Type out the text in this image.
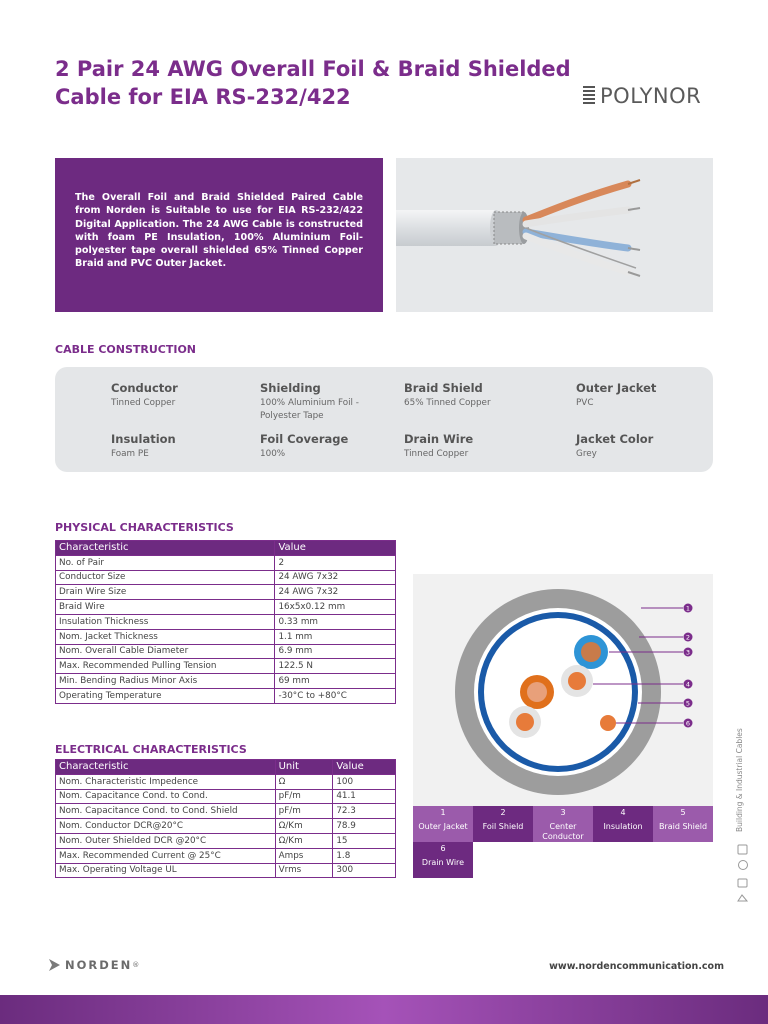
2 Pair 24 AWG Overall Foil & Braid Shielded
Cable for EIA RS-232/422	POLYNOR

The Overall Foil and Braid Shielded Paired Cable from Norden is Suitable to use for EIA RS-232/422 Digital Application. The 24 AWG Cable is constructed with foam PE Insulation, 100% Aluminium Foil- polyester tape overall shielded 65% Tinned Copper Braid and PVC Outer Jacket.

CABLE CONSTRUCTION
Conductor
Tinned Copper
Shielding
100% Aluminium Foil - Polyester Tape
Braid Shield
65% Tinned Copper
Outer Jacket
PVC
Insulation
Foam PE
Foil Coverage
100%
Drain Wire
Tinned Copper
Jacket Color
Grey
PHYSICAL CHARACTERISTICS
Characteristic	Value
No. of Pair	2
Conductor Size	24 AWG 7x32
Drain Wire Size	24 AWG 7x32
Braid Wire	16x5x0.12 mm
Insulation Thickness	0.33 mm
Nom. Jacket Thickness	1.1 mm
Nom. Overall Cable Diameter	6.9 mm
Max. Recommended Pulling Tension	122.5 N
Min. Bending Radius Minor Axis	69 mm
Operating Temperature	-30°C to +80°C
ELECTRICAL CHARACTERISTICS
Characteristic	Unit	Value
Nom. Characteristic Impedence	Ω	100
Nom. Capacitance Cond. to Cond.	pF/m	41.1
Nom. Capacitance Cond. to Cond. Shield	pF/m	72.3
Nom. Conductor DCR@20°C	Ω/Km	78.9
Nom. Outer Shielded DCR @20°C	Ω/Km	15
Max. Recommended Current @ 25°C	Amps	1.8
Max. Operating Voltage UL	Vrms	300
1
2
3
4
5
6
1
Outer Jacket
2
Foil Shield
3
Center Conductor
4
Insulation
5
Braid Shield
6
Drain Wire
Building & Industrial Cables
NORDEN ®	www.nordencommunication.com
